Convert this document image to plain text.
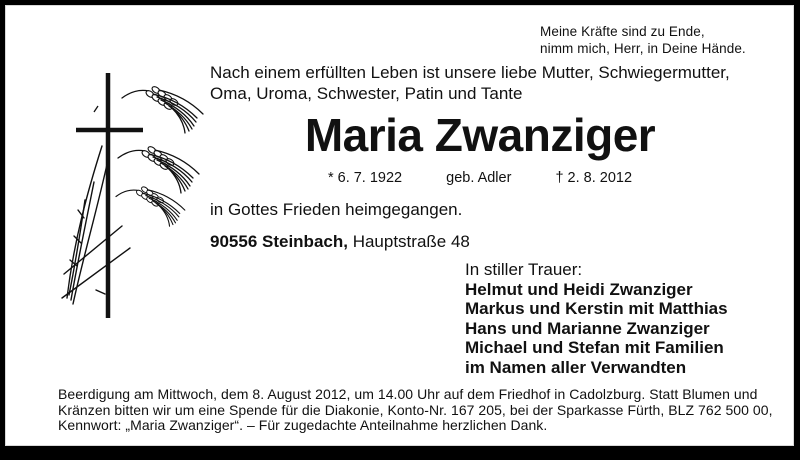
Meine Kräfte sind zu Ende,
nimm mich, Herr, in Deine Hände.
Nach einem erfüllten Leben ist unsere liebe Mutter, Schwiegermutter,
Oma, Uroma, Schwester, Patin und Tante
Maria Zwanziger
* 6. 7. 1922	geb. Adler	† 2. 8. 2012
in Gottes Frieden heimgegangen.
90556 Steinbach, Hauptstraße 48
In stiller Trauer:
Helmut und Heidi Zwanziger
Markus und Kerstin mit Matthias
Hans und Marianne Zwanziger
Michael und Stefan mit Familien
im Namen aller Verwandten
Beerdigung am Mittwoch, dem 8. August 2012, um 14.00 Uhr auf dem Friedhof in Cadolzburg. Statt Blumen und
Kränzen bitten wir um eine Spende für die Diakonie, Konto-Nr. 167 205, bei der Sparkasse Fürth, BLZ 762 500 00,
Kennwort: „Maria Zwanziger“. – Für zugedachte Anteilnahme herzlichen Dank.
